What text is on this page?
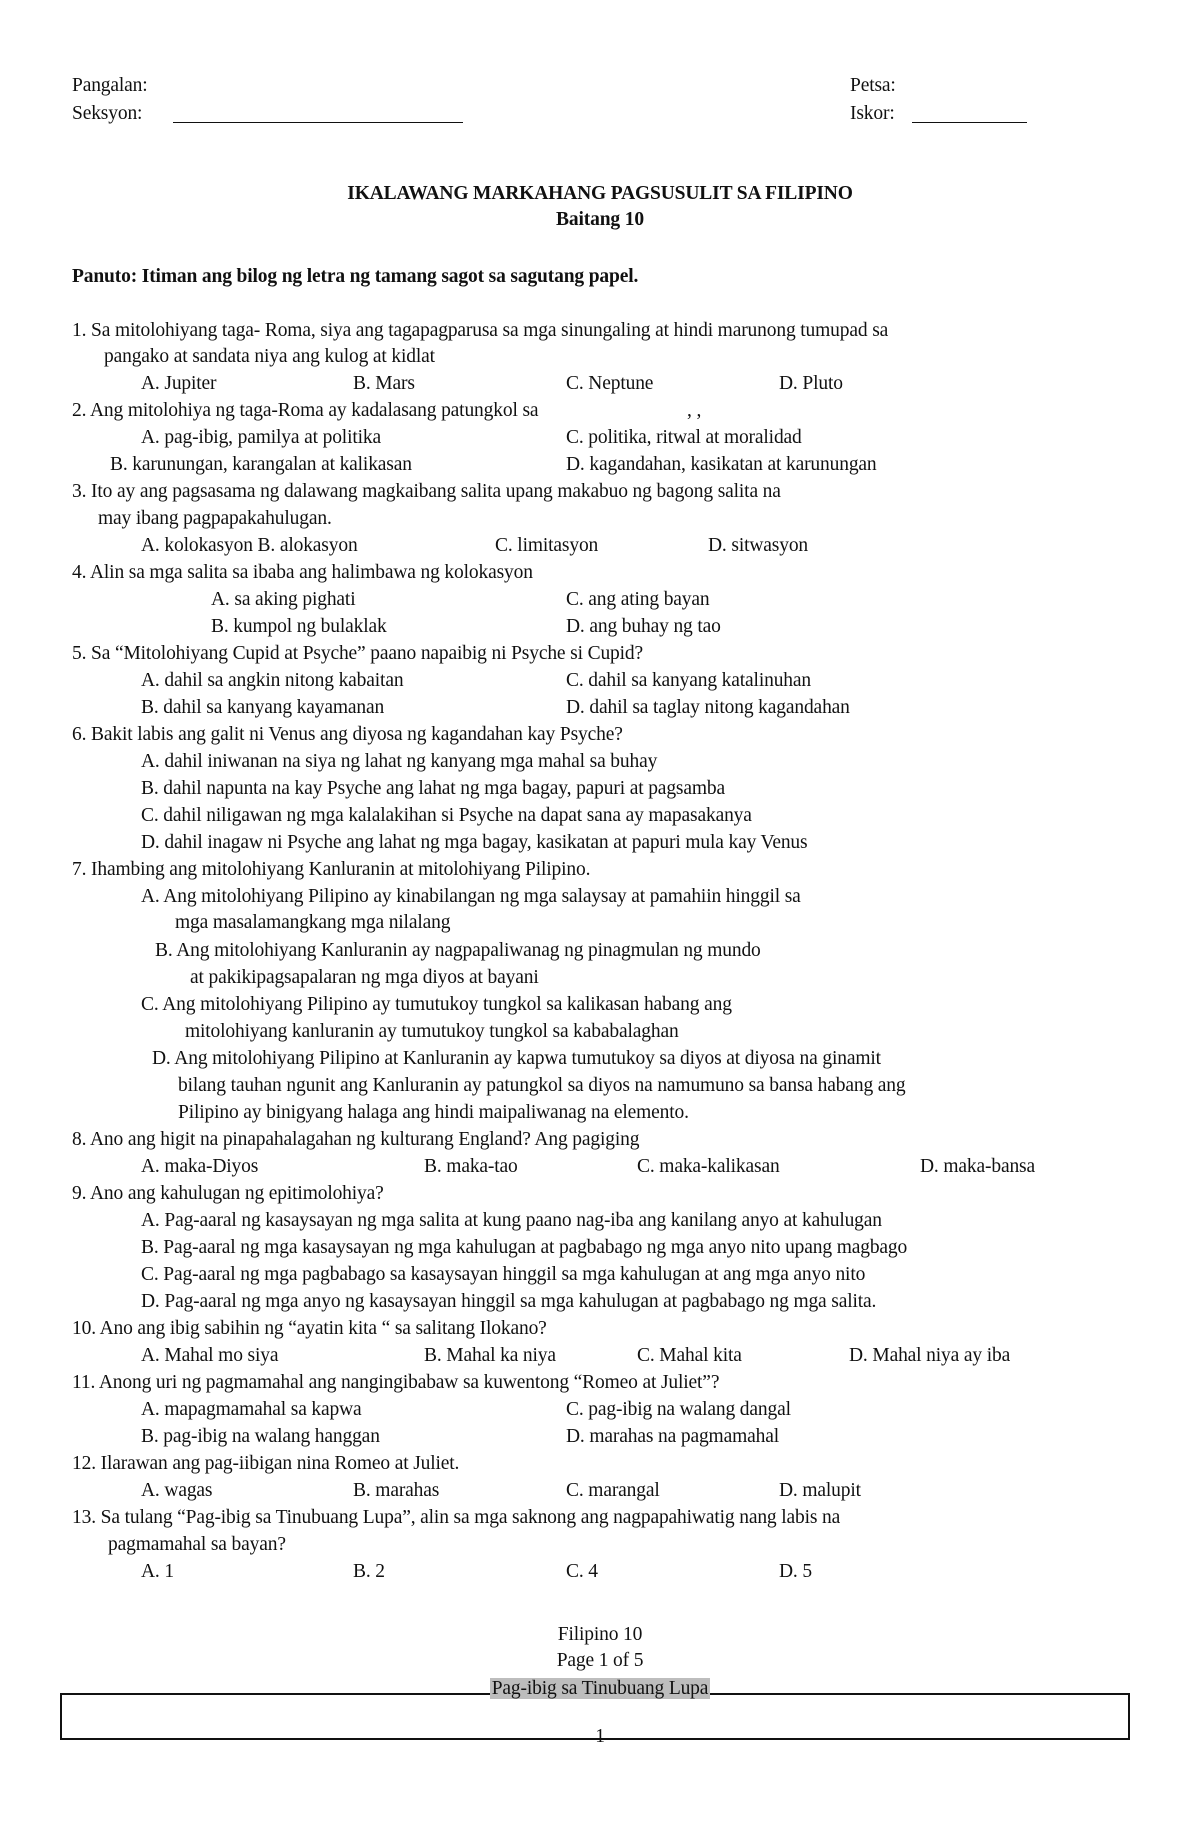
Pangalan:	Petsa:
Seksyon:	Iskor:
IKALAWANG MARKAHANG PAGSUSULIT SA FILIPINO
Baitang 10
Panuto: Itiman ang bilog ng letra ng tamang sagot sa sagutang papel.
1. Sa mitolohiyang taga- Roma, siya ang tagapagparusa sa mga sinungaling at hindi marunong tumupad sa
pangako at sandata niya ang kulog at kidlat
A. Jupiter	B. Mars	C. Neptune	D. Pluto
2. Ang mitolohiya ng taga-Roma ay kadalasang patungkol sa	, ,
A. pag-ibig, pamilya at politika	C. politika, ritwal at moralidad
B. karunungan, karangalan at kalikasan	D. kagandahan, kasikatan at karunungan
3. Ito ay ang pagsasama ng dalawang magkaibang salita upang makabuo ng bagong salita na
may ibang pagpapakahulugan.
A. kolokasyon B. alokasyon	C. limitasyon	D. sitwasyon
4. Alin sa mga salita sa ibaba ang halimbawa ng kolokasyon
A. sa aking pighati	C. ang ating bayan
B. kumpol ng bulaklak	D. ang buhay ng tao
5. Sa “Mitolohiyang Cupid at Psyche” paano napaibig ni Psyche si Cupid?
A. dahil sa angkin nitong kabaitan	C. dahil sa kanyang katalinuhan
B. dahil sa kanyang kayamanan	D. dahil sa taglay nitong kagandahan
6. Bakit labis ang galit ni Venus ang diyosa ng kagandahan kay Psyche?
A. dahil iniwanan na siya ng lahat ng kanyang mga mahal sa buhay
B. dahil napunta na kay Psyche ang lahat ng mga bagay, papuri at pagsamba
C. dahil niligawan ng mga kalalakihan si Psyche na dapat sana ay mapasakanya
D. dahil inagaw ni Psyche ang lahat ng mga bagay, kasikatan at papuri mula kay Venus
7. Ihambing ang mitolohiyang Kanluranin at mitolohiyang Pilipino.
A. Ang mitolohiyang Pilipino ay kinabilangan ng mga salaysay at pamahiin hinggil sa
mga masalamangkang mga nilalang
B. Ang mitolohiyang Kanluranin ay nagpapaliwanag ng pinagmulan ng mundo
at pakikipagsapalaran ng mga diyos at bayani
C. Ang mitolohiyang Pilipino ay tumutukoy tungkol sa kalikasan habang ang
mitolohiyang kanluranin ay tumutukoy tungkol sa kababalaghan
D. Ang mitolohiyang Pilipino at Kanluranin ay kapwa tumutukoy sa diyos at diyosa na ginamit
bilang tauhan ngunit ang Kanluranin ay patungkol sa diyos na namumuno sa bansa habang ang
Pilipino ay binigyang halaga ang hindi maipaliwanag na elemento.
8. Ano ang higit na pinapahalagahan ng kulturang England? Ang pagiging
A. maka-Diyos	B. maka-tao	C. maka-kalikasan	D. maka-bansa
9. Ano ang kahulugan ng epitimolohiya?
A. Pag-aaral ng kasaysayan ng mga salita at kung paano nag-iba ang kanilang anyo at kahulugan
B. Pag-aaral ng mga kasaysayan ng mga kahulugan at pagbabago ng mga anyo nito upang magbago
C. Pag-aaral ng mga pagbabago sa kasaysayan hinggil sa mga kahulugan at ang mga anyo nito
D. Pag-aaral ng mga anyo ng kasaysayan hinggil sa mga kahulugan at pagbabago ng mga salita.
10. Ano ang ibig sabihin ng “ayatin kita “ sa salitang Ilokano?
A. Mahal mo siya	B. Mahal ka niya	C. Mahal kita	D. Mahal niya ay iba
11. Anong uri ng pagmamahal ang nangingibabaw sa kuwentong “Romeo at Juliet”?
A. mapagmamahal sa kapwa	C. pag-ibig na walang dangal
B. pag-ibig na walang hanggan	D. marahas na pagmamahal
12. Ilarawan ang pag-iibigan nina Romeo at Juliet.
A. wagas	B. marahas	C. marangal	D. malupit
13. Sa tulang “Pag-ibig sa Tinubuang Lupa”, alin sa mga saknong ang nagpapahiwatig nang labis na
pagmamahal sa bayan?
A. 1	B. 2	C. 4	D. 5
Filipino 10
Page 1 of 5
Pag-ibig sa Tinubuang Lupa
1
